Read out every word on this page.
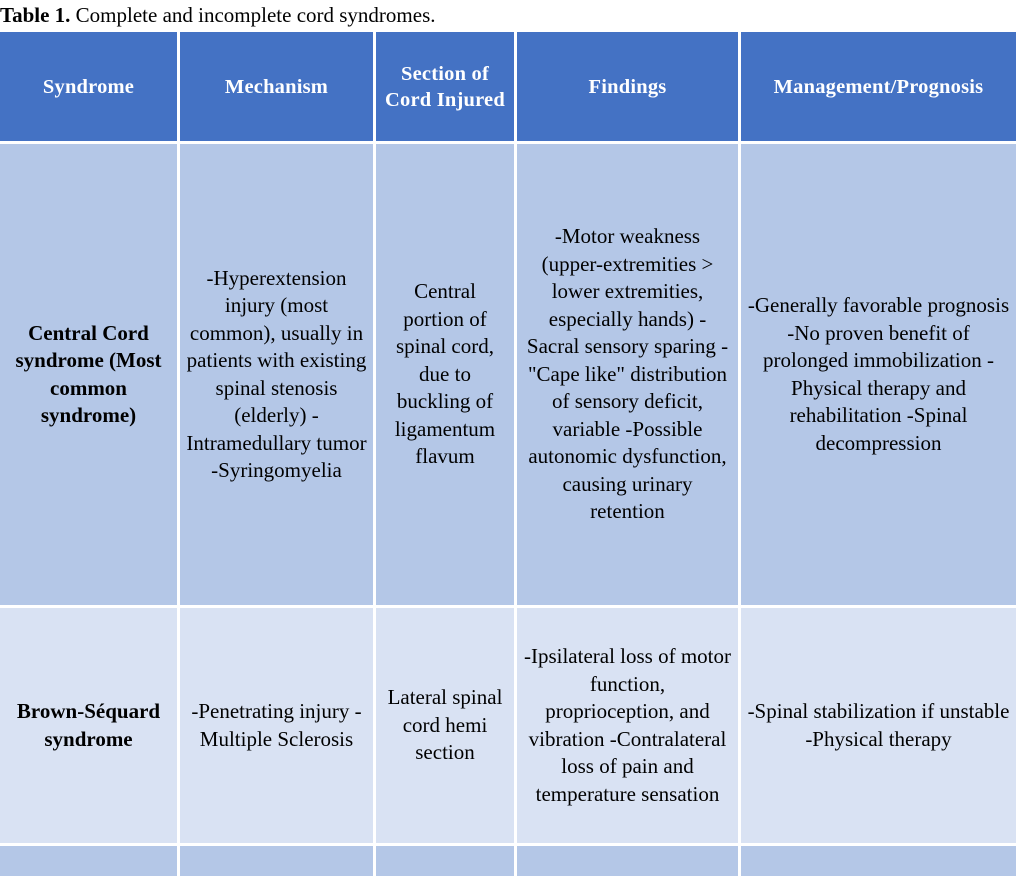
Table 1. Complete and incomplete cord syndromes.
Syndrome	Mechanism	Section of Cord Injured	Findings	Management/Prognosis
Central Cord syndrome (Most common syndrome)	-Hyperextension injury (most common), usually in patients with existing spinal stenosis (elderly) -Intramedullary tumor -Syringomyelia	Central portion of spinal cord, due to buckling of ligamentum flavum	-Motor weakness (upper-extremities > lower extremities, especially hands) -Sacral sensory sparing -"Cape like" distribution of sensory deficit, variable -Possible autonomic dysfunction, causing urinary retention	-Generally favorable prognosis -No proven benefit of prolonged immobilization -Physical therapy and rehabilitation -Spinal decompression
Brown-Séquard syndrome	-Penetrating injury -Multiple Sclerosis	Lateral spinal cord hemi section	-Ipsilateral loss of motor function, proprioception, and vibration -Contralateral loss of pain and temperature sensation	-Spinal stabilization if unstable -Physical therapy
